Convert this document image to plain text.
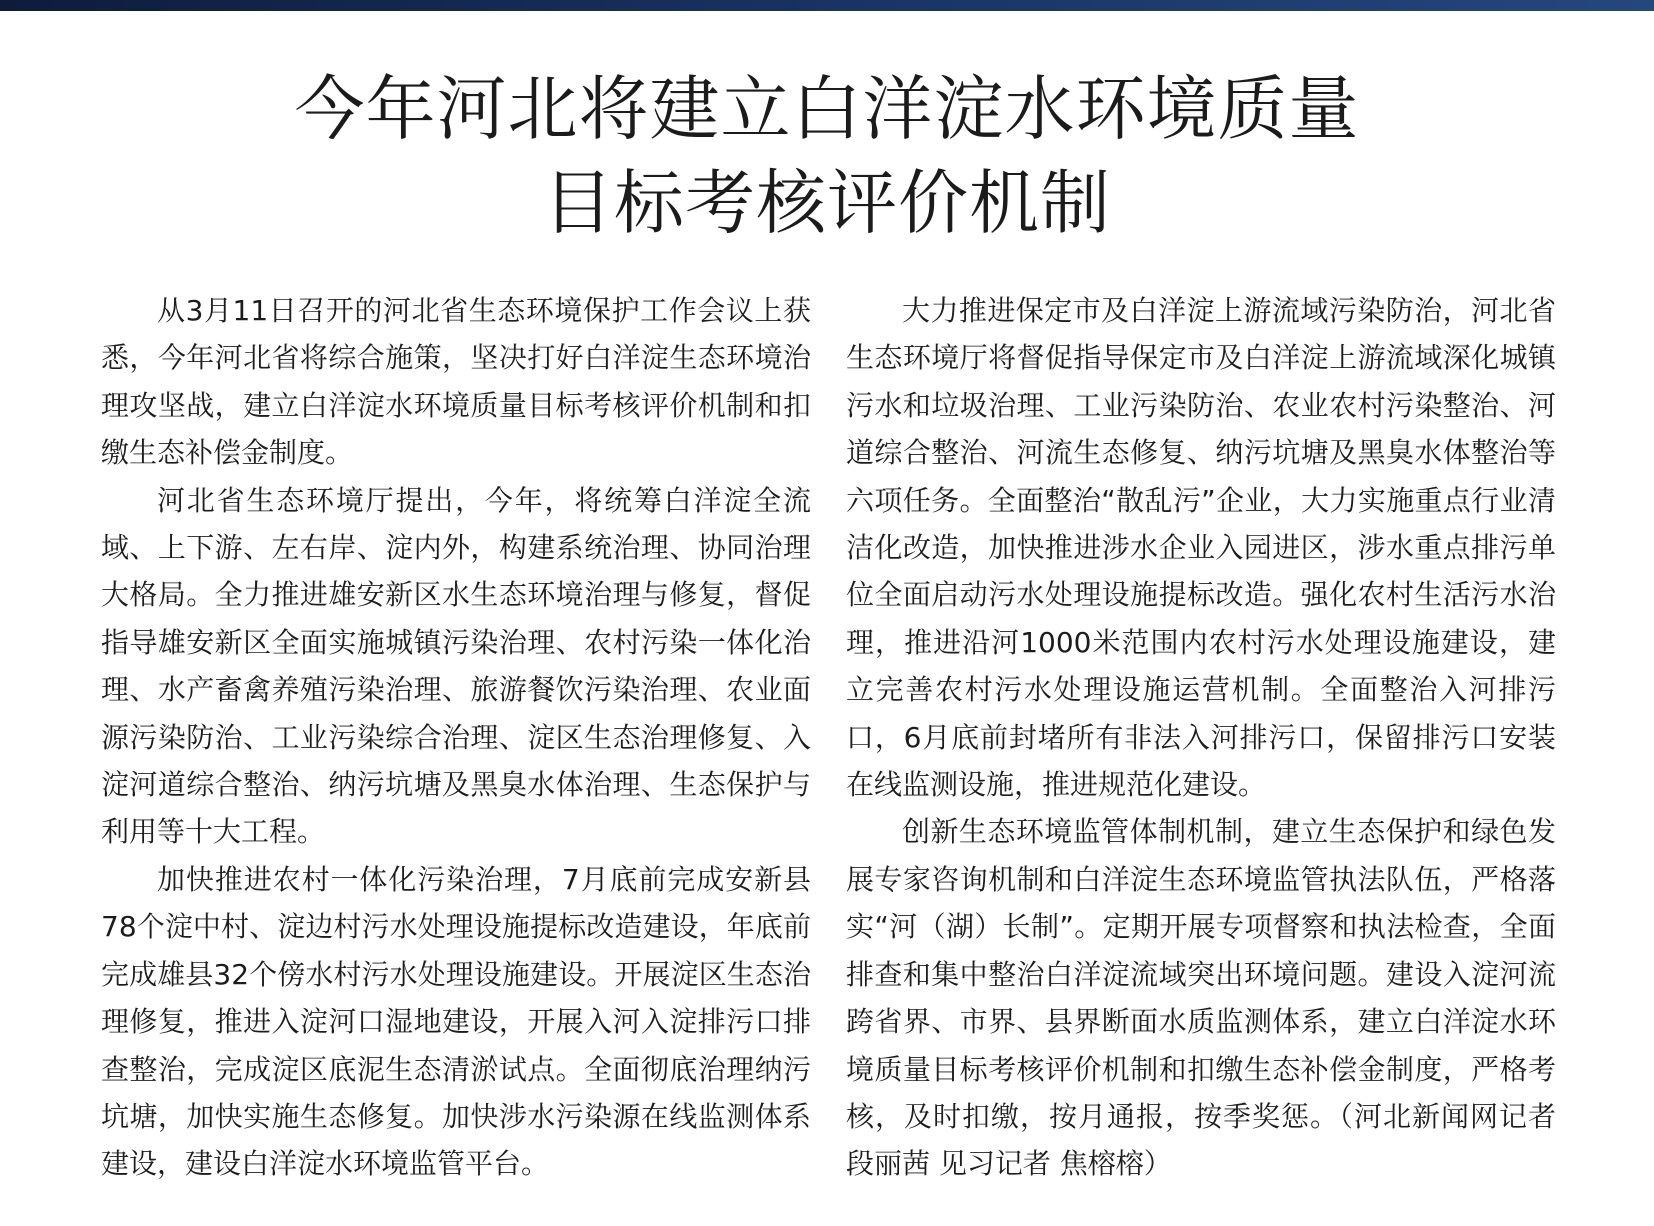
今年河北将建立白洋淀水环境质量
目标考核评价机制

从3月11日召开的河北省生态环境保护工作会议上获悉，今年河北省将综合施策，坚决打好白洋淀生态环境治理攻坚战，建立白洋淀水环境质量目标考核评价机制和扣缴生态补偿金制度。

河北省生态环境厅提出，今年，将统筹白洋淀全流域、上下游、左右岸、淀内外，构建系统治理、协同治理大格局。全力推进雄安新区水生态环境治理与修复，督促指导雄安新区全面实施城镇污染治理、农村污染一体化治理、水产畜禽养殖污染治理、旅游餐饮污染治理、农业面源污染防治、工业污染综合治理、淀区生态治理修复、入淀河道综合整治、纳污坑塘及黑臭水体治理、生态保护与利用等十大工程。

加快推进农村一体化污染治理，7月底前完成安新县78个淀中村、淀边村污水处理设施提标改造建设，年底前完成雄县32个傍水村污水处理设施建设。开展淀区生态治理修复，推进入淀河口湿地建设，开展入河入淀排污口排查整治，完成淀区底泥生态清淤试点。全面彻底治理纳污坑塘，加快实施生态修复。加快涉水污染源在线监测体系建设，建设白洋淀水环境监管平台。

大力推进保定市及白洋淀上游流域污染防治，河北省生态环境厅将督促指导保定市及白洋淀上游流域深化城镇污水和垃圾治理、工业污染防治、农业农村污染整治、河道综合整治、河流生态修复、纳污坑塘及黑臭水体整治等六项任务。全面整治“散乱污”企业，大力实施重点行业清洁化改造，加快推进涉水企业入园进区，涉水重点排污单位全面启动污水处理设施提标改造。强化农村生活污水治理，推进沿河1000米范围内农村污水处理设施建设，建立完善农村污水处理设施运营机制。全面整治入河排污口，6月底前封堵所有非法入河排污口，保留排污口安装在线监测设施，推进规范化建设。

创新生态环境监管体制机制，建立生态保护和绿色发展专家咨询机制和白洋淀生态环境监管执法队伍，严格落实“河（湖）长制”。定期开展专项督察和执法检查，全面排查和集中整治白洋淀流域突出环境问题。建设入淀河流跨省界、市界、县界断面水质监测体系，建立白洋淀水环境质量目标考核评价机制和扣缴生态补偿金制度，严格考核，及时扣缴，按月通报，按季奖惩。（河北新闻网记者 段丽茜 见习记者 焦榕榕）
